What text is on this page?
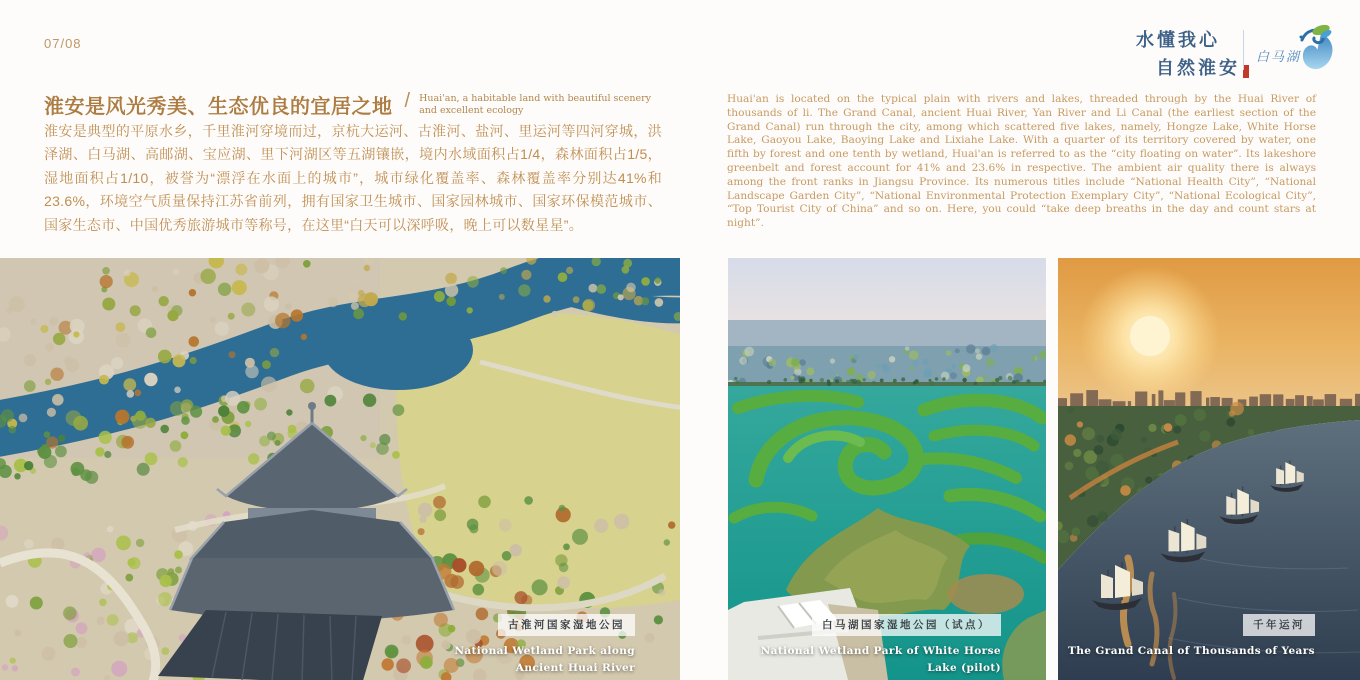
07/08	水懂我心
自然淮安
白马湖
淮安是风光秀美、生态优良的宜居之地 / Huai'an, a habitable land with beautiful scenery
and excellent ecology
淮安是典型的平原水乡，千里淮河穿境而过，京杭大运河、古淮河、盐河、里运河等四河穿城，洪泽湖、白马湖、高邮湖、宝应湖、里下河湖区等五湖镶嵌，境内水域面积占1/4，森林面积占1/5，湿地面积占1/10，被誉为“漂浮在水面上的城市”，城市绿化覆盖率、森林覆盖率分别达41%和23.6%，环境空气质量保持江苏省前列，拥有国家卫生城市、国家园林城市、国家环保模范城市、国家生态市、中国优秀旅游城市等称号，在这里“白天可以深呼吸，晚上可以数星星”。
Huai'an is located on the typical plain with rivers and lakes, threaded through by the Huai River of thousands of li. The Grand Canal, ancient Huai River, Yan River and Li Canal (the earliest section of the Grand Canal) run through the city, among which scattered five lakes, namely, Hongze Lake, White Horse Lake, Gaoyou Lake, Baoying Lake and Lixiahe Lake. With a quarter of its territory covered by water, one fifth by forest and one tenth by wetland, Huai'an is referred to as the “city floating on water”. Its lakeshore greenbelt and forest account for 41% and 23.6% in respective. The ambient air quality there is always among the front ranks in Jiangsu Province. Its numerous titles include “National Health City”, “National Landscape Garden City”, “National Environmental Protection Exemplary City”, “National Ecological City”, “Top Tourist City of China” and so on. Here, you could “take deep breaths in the day and count stars at night”.
古淮河国家湿地公园
National Wetland Park along
Ancient Huai River
白马湖国家湿地公园（试点）
National Wetland Park of White Horse Lake (pilot)
千年运河
The Grand Canal of Thousands of Years
